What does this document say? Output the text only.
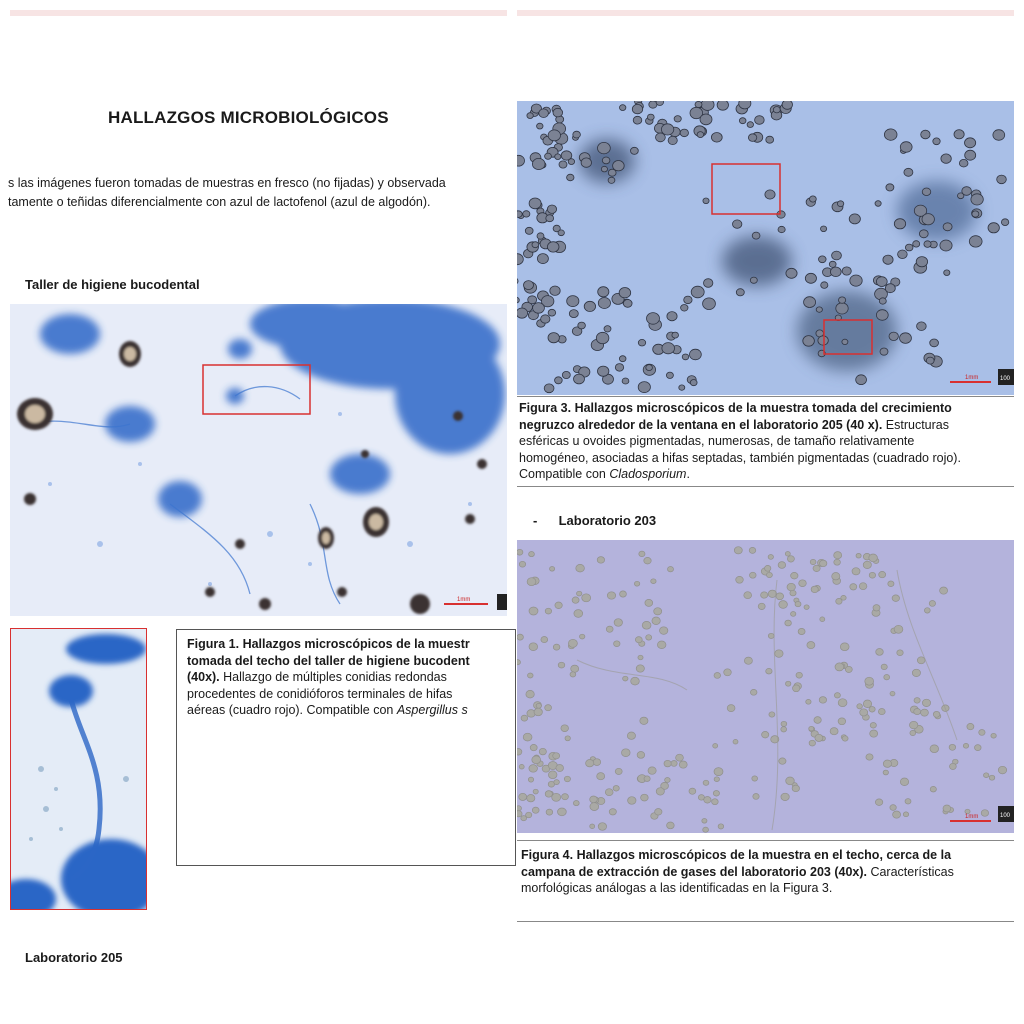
HALLAZGOS MICROBIOLÓGICOS
s las imágenes fueron tomadas de muestras en fresco (no fijadas) y observada
tamente o teñidas diferencialmente con azul de lactofenol (azul de algodón).
Taller de higiene bucodental
1mm
Figura 1. Hallazgos microscópicos de la muestr
tomada del techo del taller de higiene bucodent
(40x). Hallazgo de múltiples conidias redondas
procedentes de conidióforos terminales de hifas
aéreas (cuadro rojo). Compatible con Aspergillus s
Laboratorio 205
1mm	100
Figura 3. Hallazgos microscópicos de la muestra tomada del crecimiento
negruzco alrededor de la ventana en el laboratorio 205 (40 x). Estructuras
esféricas u ovoides pigmentadas, numerosas, de tamaño relativamente
homogéneo, asociadas a hifas septadas, también pigmentadas (cuadrado rojo).
Compatible con Cladosporium.
- Laboratorio 203
1mm	100
Figura 4. Hallazgos microscópicos de la muestra en el techo, cerca de la
campana de extracción de gases del laboratorio 203 (40x). Características
morfológicas análogas a las identificadas en la Figura 3.
